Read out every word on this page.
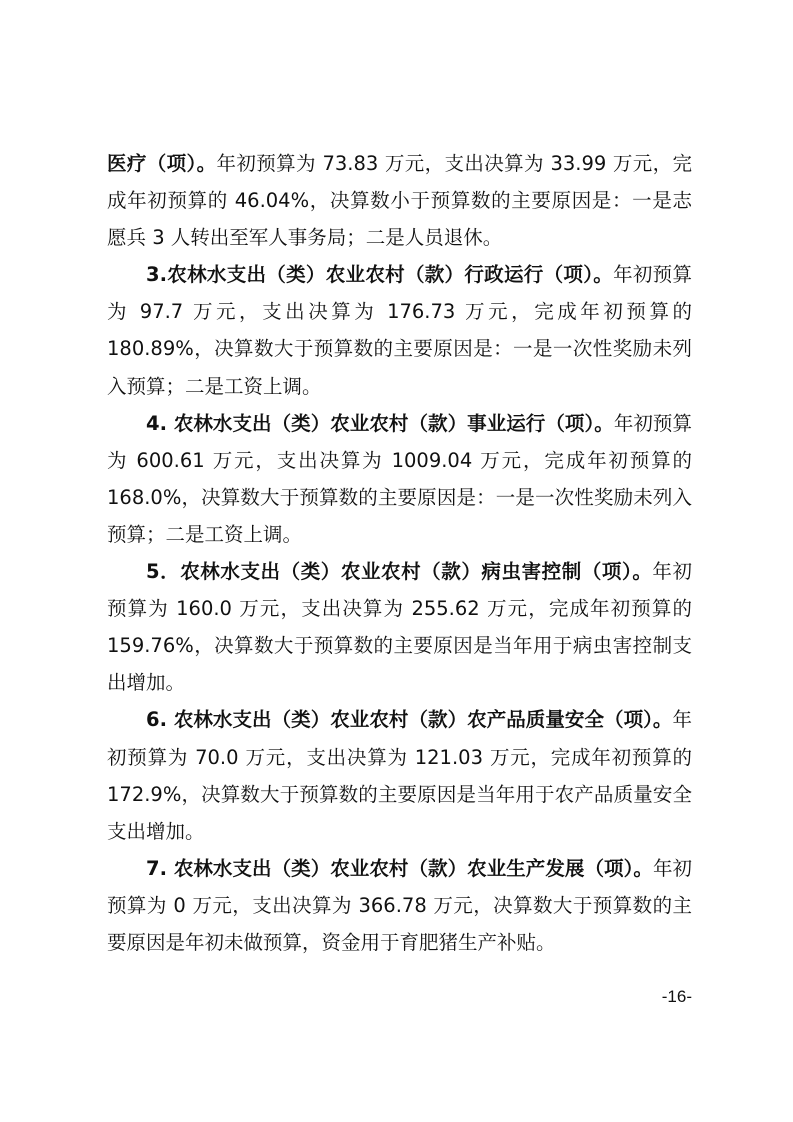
医疗（项）。年初预算为 73.83 万元，支出决算为 33.99 万元，完成年初预算的 46.04%，决算数小于预算数的主要原因是：一是志愿兵 3 人转出至军人事务局；二是人员退休。

3.农林水支出（类）农业农村（款）行政运行（项）。年初预算为 97.7 万元，支出决算为 176.73 万元，完成年初预算的 180.89%，决算数大于预算数的主要原因是：一是一次性奖励未列入预算；二是工资上调。

4. 农林水支出（类）农业农村（款）事业运行（项）。年初预算为 600.61 万元，支出决算为 1009.04 万元，完成年初预算的 168.0%，决算数大于预算数的主要原因是：一是一次性奖励未列入预算；二是工资上调。

5．农林水支出（类）农业农村（款）病虫害控制（项）。年初预算为 160.0 万元，支出决算为 255.62 万元，完成年初预算的 159.76%，决算数大于预算数的主要原因是当年用于病虫害控制支出增加。

6. 农林水支出（类）农业农村（款）农产品质量安全（项）。年初预算为 70.0 万元，支出决算为 121.03 万元，完成年初预算的 172.9%，决算数大于预算数的主要原因是当年用于农产品质量安全支出增加。

7. 农林水支出（类）农业农村（款）农业生产发展（项）。年初预算为 0 万元，支出决算为 366.78 万元，决算数大于预算数的主要原因是年初未做预算，资金用于育肥猪生产补贴。

-16-
